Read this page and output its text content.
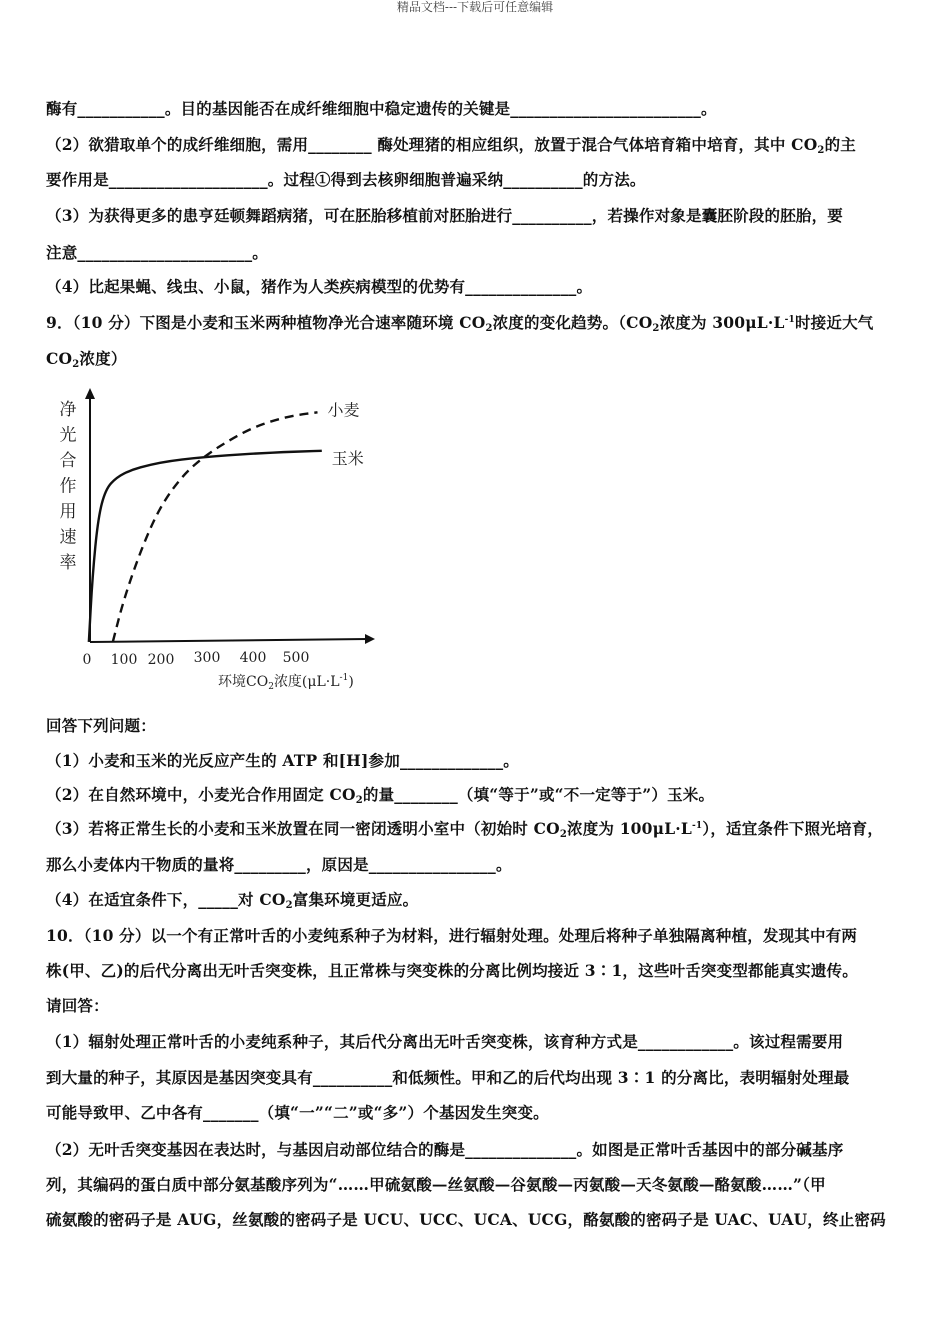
精品文档---下载后可任意编辑
酶有___________。目的基因能否在成纤维细胞中稳定遗传的关键是________________________。
（2）欲猎取单个的成纤维细胞，需用________ 酶处理猪的相应组织，放置于混合气体培育箱中培育，其中 $CO_2$的主
要作用是____________________。过程①得到去核卵细胞普遍采纳__________的方法。
（3）为获得更多的患亨廷顿舞蹈病猪，可在胚胎移植前对胚胎进行__________，若操作对象是囊胚阶段的胚胎，要
注意______________________。
（4）比起果蝇、线虫、小鼠，猪作为人类疾病模型的优势有______________。
9．（10 分）下图是小麦和玉米两种植物净光合速率随环境 $CO_2$浓度的变化趋势。（$CO_2$浓度为 $300\mu L\cdot L^{-1}$时接近大气
$CO_2$浓度）
回答下列问题：
（1）小麦和玉米的光反应产生的 ATP 和[H]参加_____________。
（2）在自然环境中，小麦光合作用固定 $CO_2$的量________（填“等于”或“不一定等于”）玉米。
（3）若将正常生长的小麦和玉米放置在同一密闭透明小室中（初始时 $CO_2$浓度为 $100\mu L\cdot L^{-1}$），适宜条件下照光培育，
那么小麦体内干物质的量将_________，原因是________________。
（4）在适宜条件下，_____对 $CO_2$富集环境更适应。
10．（10 分）以一个有正常叶舌的小麦纯系种子为材料，进行辐射处理。处理后将种子单独隔离种植，发现其中有两
株(甲、乙)的后代分离出无叶舌突变株，且正常株与突变株的分离比例均接近 3∶1，这些叶舌突变型都能真实遗传。
请回答：
（1）辐射处理正常叶舌的小麦纯系种子，其后代分离出无叶舌突变株，该育种方式是____________。该过程需要用
到大量的种子，其原因是基因突变具有__________和低频性。甲和乙的后代均出现 3∶1 的分离比，表明辐射处理最
可能导致甲、乙中各有_______（填“一”“二”或“多”）个基因发生突变。
（2）无叶舌突变基因在表达时，与基因启动部位结合的酶是______________。如图是正常叶舌基因中的部分碱基序
列，其编码的蛋白质中部分氨基酸序列为“……甲硫氨酸—丝氨酸—谷氨酸—丙氨酸—天冬氨酸—酪氨酸……”（甲
硫氨酸的密码子是 AUG，丝氨酸的密码子是 UCU、UCC、UCA、UCG，酪氨酸的密码子是 UAC、UAU，终止密码
净
光
合
作
用
速
率
0 100 200 300 400 500
环境$CO_2$浓度$(\mu L\cdot L^{-1})$
小麦
玉米
